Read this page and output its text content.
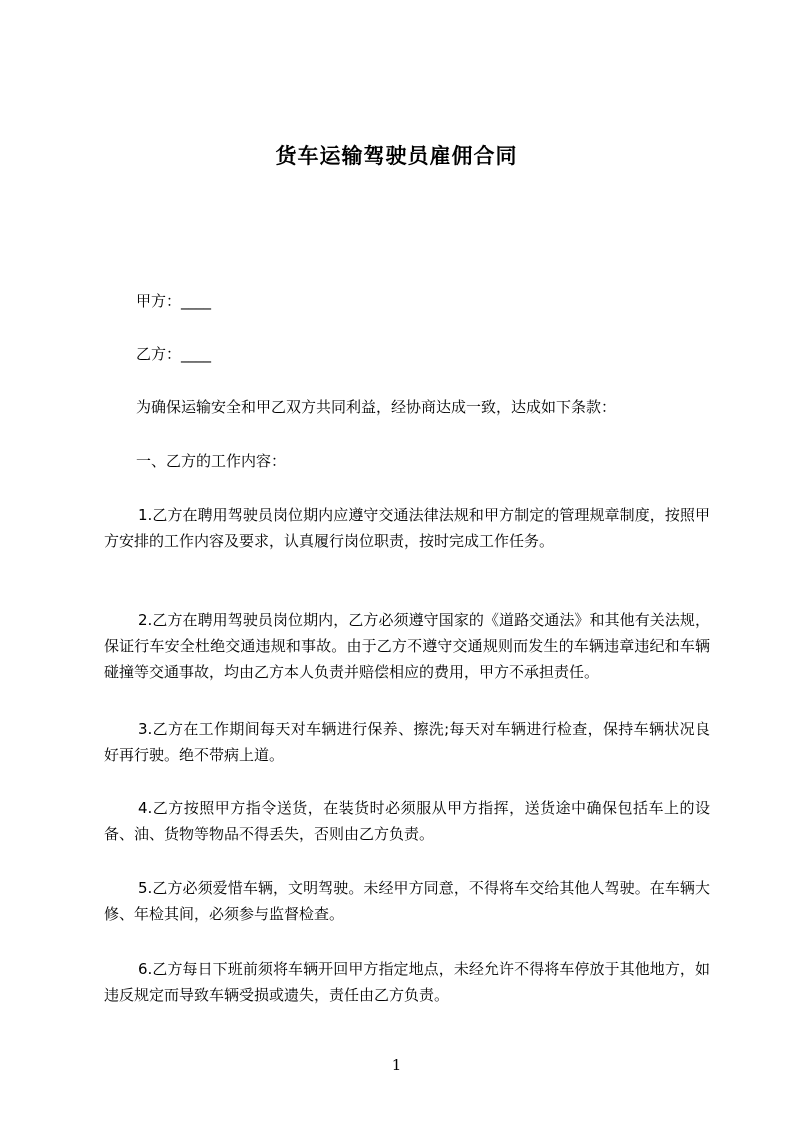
货车运输驾驶员雇佣合同
甲方：____
乙方：____
为确保运输安全和甲乙双方共同利益，经协商达成一致，达成如下条款：
一、乙方的工作内容：
1.乙方在聘用驾驶员岗位期内应遵守交通法律法规和甲方制定的管理规章制度，按照甲方安排的工作内容及要求，认真履行岗位职责，按时完成工作任务。
2.乙方在聘用驾驶员岗位期内，乙方必须遵守国家的《道路交通法》和其他有关法规，保证行车安全杜绝交通违规和事故。由于乙方不遵守交通规则而发生的车辆违章违纪和车辆碰撞等交通事故，均由乙方本人负责并赔偿相应的费用，甲方不承担责任。
3.乙方在工作期间每天对车辆进行保养、擦洗;每天对车辆进行检查，保持车辆状况良好再行驶。绝不带病上道。
4.乙方按照甲方指令送货，在装货时必须服从甲方指挥，送货途中确保包括车上的设备、油、货物等物品不得丢失，否则由乙方负责。
5.乙方必须爱惜车辆，文明驾驶。未经甲方同意，不得将车交给其他人驾驶。在车辆大修、年检其间，必须参与监督检查。
6.乙方每日下班前须将车辆开回甲方指定地点，未经允许不得将车停放于其他地方，如违反规定而导致车辆受损或遗失，责任由乙方负责。
1
